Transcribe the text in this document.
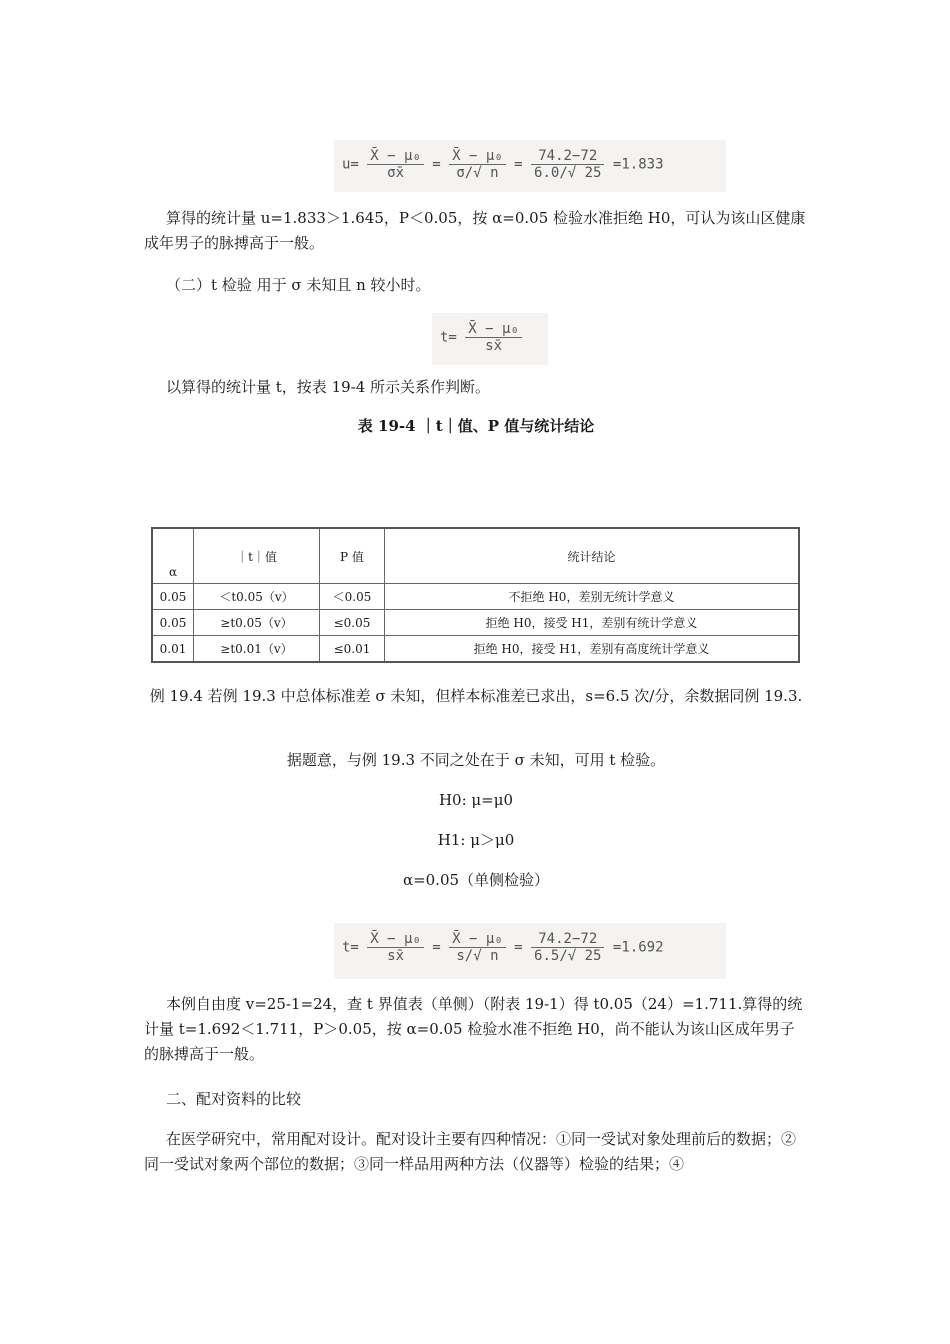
$u= \frac{\text{X̄ − μ₀}}{\sigma x̄} = \frac{\text{X̄ − μ₀}}{\sigma/√ n} = \frac{74.2-72}{6.0/√ 25} =1.833$
算得的统计量 u=1.833＞1.645，P＜0.05，按 α=0.05 检验水准拒绝 H0，可认为该山区健康成年男子的脉搏高于一般。
（二）t 检验 用于 σ 未知且 n 较小时。
$t= \frac{\text{X̄ − μ₀}}{sx̄}$
以算得的统计量 t，按表 19-4 所示关系作判断。
表 19-4 ｜t｜值、P 值与统计结论
α	｜t｜值	P 值	统计结论
0.05	＜t0.05（v）	＜0.05	不拒绝 H0，差别无统计学意义
0.05	≥t0.05（v）	≤0.05	拒绝 H0，接受 H1，差别有统计学意义
0.01	≥t0.01（v）	≤0.01	拒绝 H0，接受 H1，差别有高度统计学意义
例 19.4 若例 19.3 中总体标准差 σ 未知，但样本标准差已求出，s=6.5 次/分，余数据同例 19.3.
据题意，与例 19.3 不同之处在于 σ 未知，可用 t 检验。
H0: μ=μ0
H1: μ＞μ0
α=0.05（单侧检验）
$t= \frac{\text{X̄ − μ₀}}{sx̄} = \frac{\text{X̄ − μ₀}}{s/√ n} = \frac{74.2-72}{6.5/√ 25} =1.692$
本例自由度 v=25-1=24，查 t 界值表（单侧）（附表 19-1）得 t0.05（24）=1.711.算得的统计量 t=1.692＜1.711，P＞0.05，按 α=0.05 检验水准不拒绝 H0，尚不能认为该山区成年男子的脉搏高于一般。
二、配对资料的比较
在医学研究中，常用配对设计。配对设计主要有四种情况：①同一受试对象处理前后的数据；②同一受试对象两个部位的数据；③同一样品用两种方法（仪器等）检验的结果；④
